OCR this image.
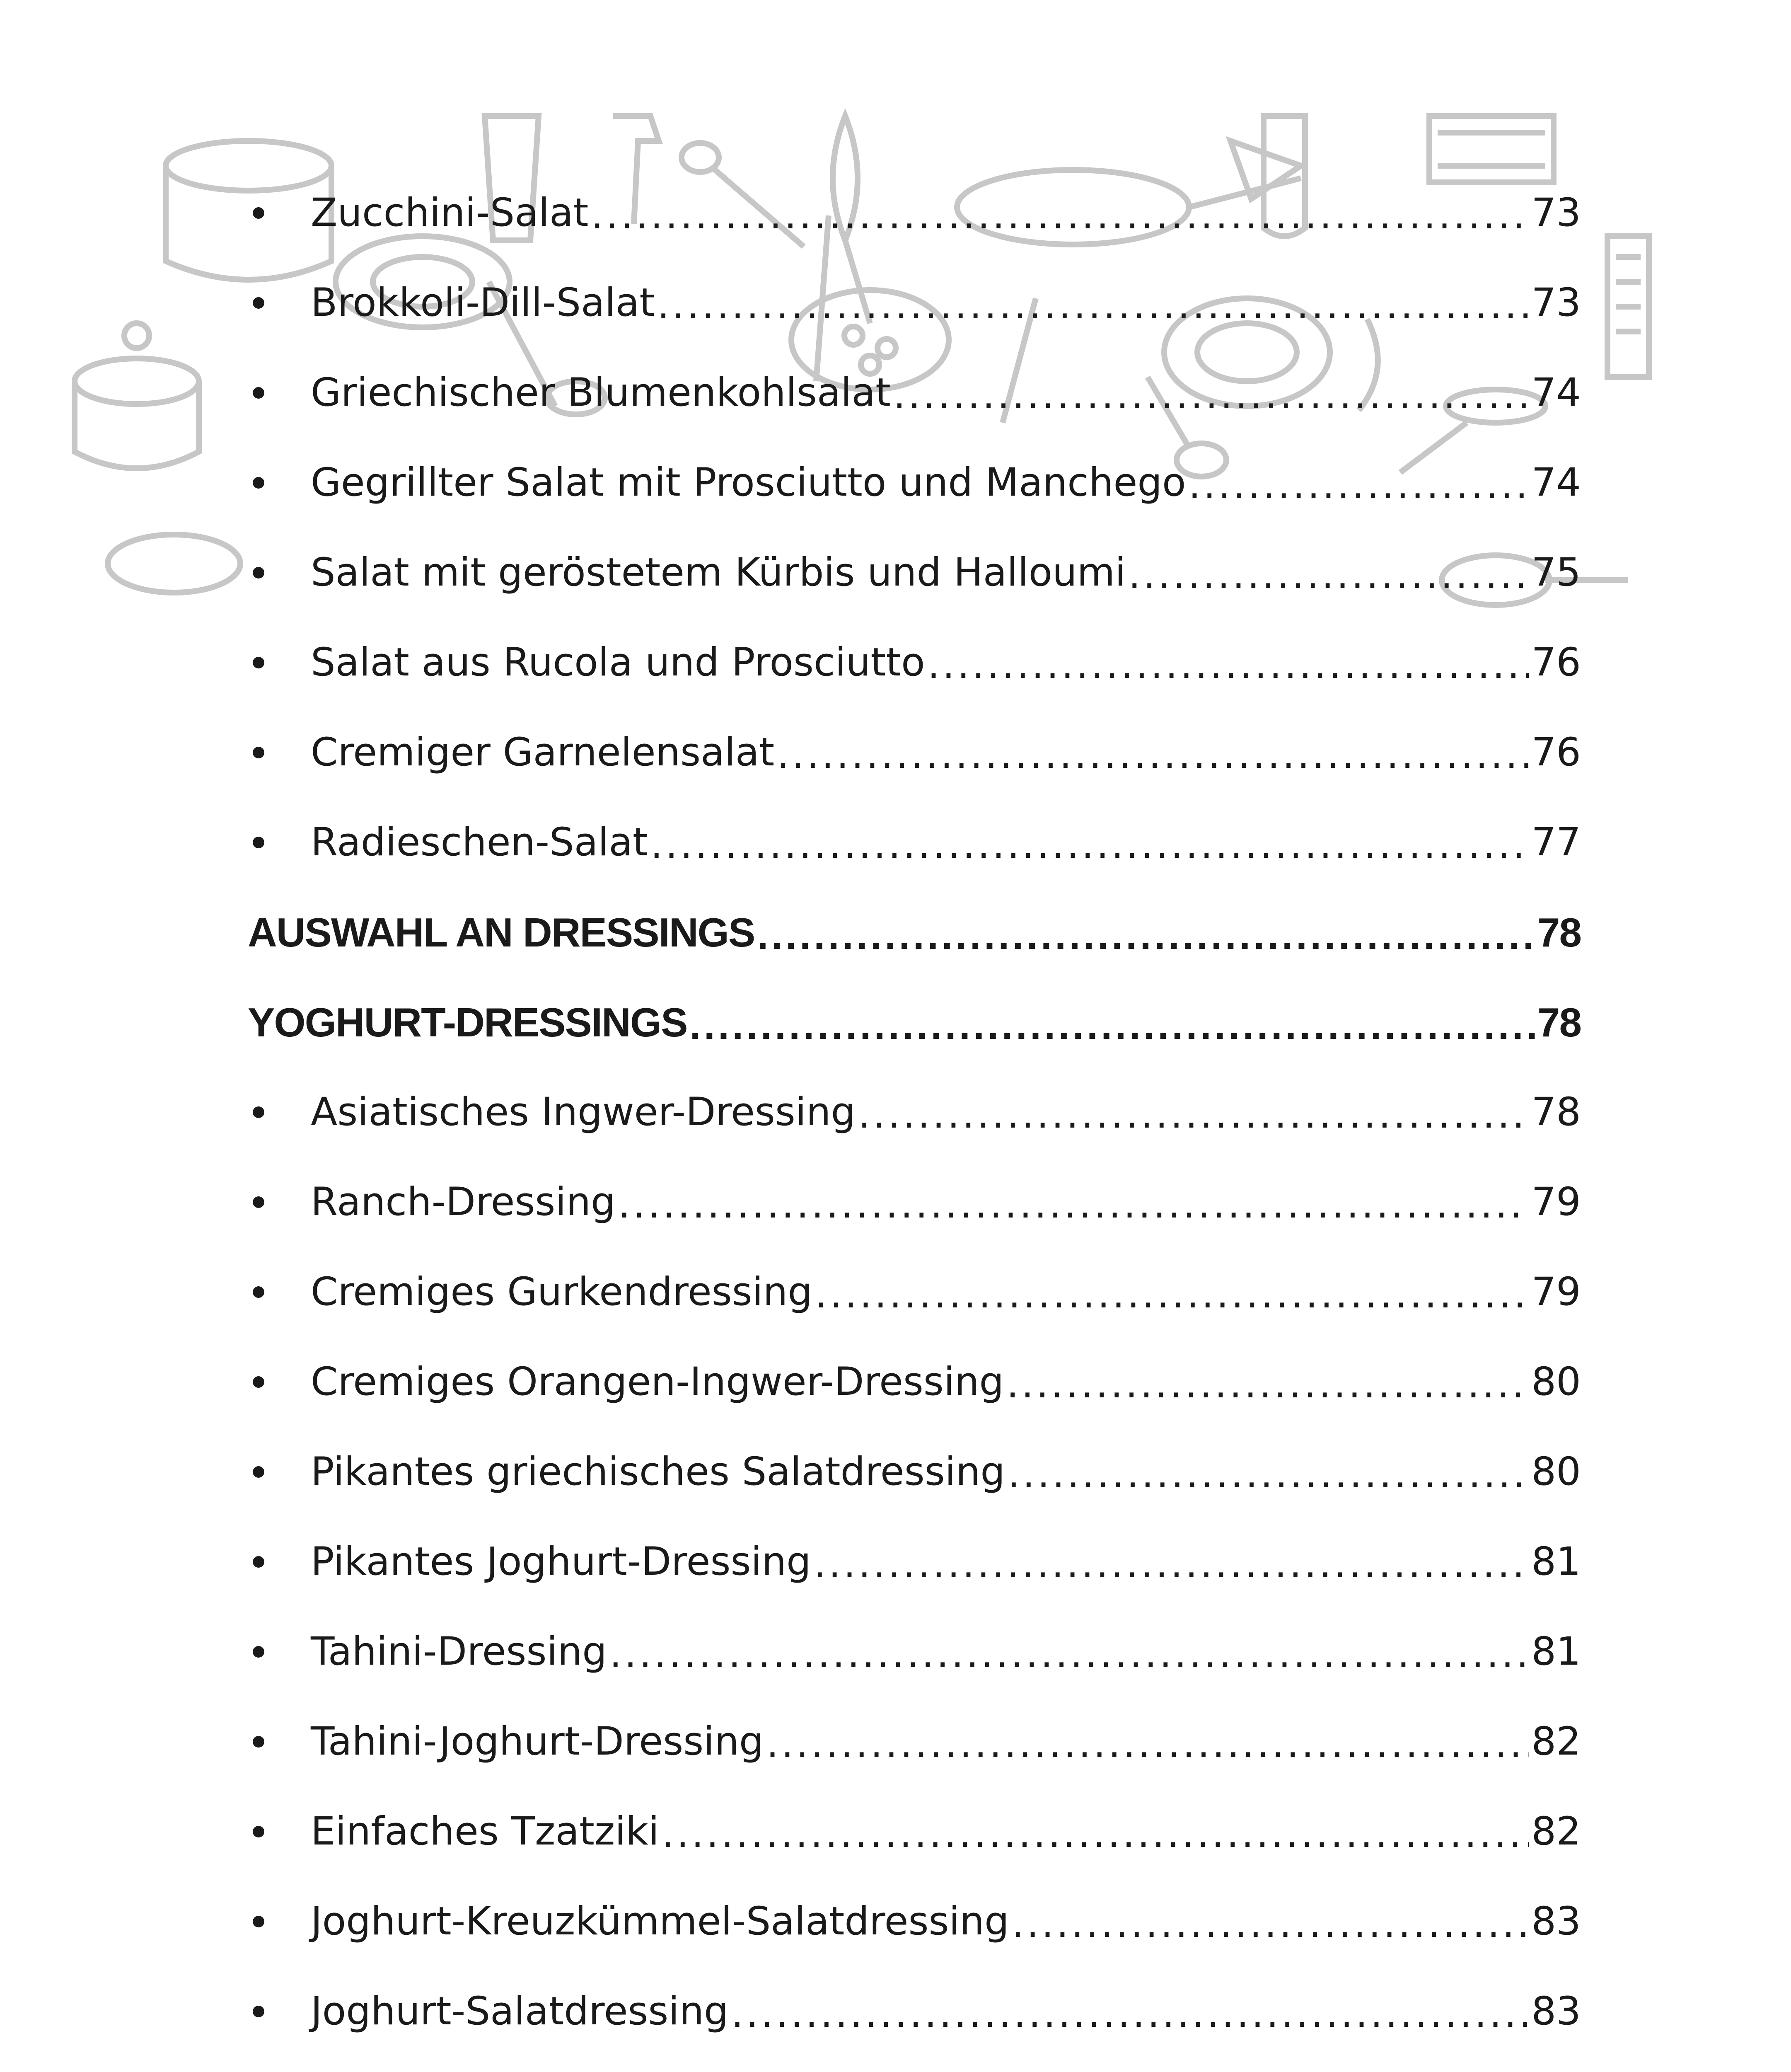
Zucchini-Salat .....	73
Brokkoli-Dill-Salat .....	73
Griechischer Blumenkohlsalat .....	74
Gegrillter Salat mit Prosciutto und Manchego .....	74
Salat mit geröstetem Kürbis und Halloumi .....	75
Salat aus Rucola und Prosciutto .....	76
Cremiger Garnelensalat .....	76
Radieschen-Salat .....	77
AUSWAHL AN DRESSINGS .....	78
YOGHURT-DRESSINGS .....	78
Asiatisches Ingwer-Dressing .....	78
Ranch-Dressing .....	79
Cremiges Gurkendressing .....	79
Cremiges Orangen-Ingwer-Dressing .....	80
Pikantes griechisches Salatdressing .....	80
Pikantes Joghurt-Dressing .....	81
Tahini-Dressing .....	81
Tahini-Joghurt-Dressing .....	82
Einfaches Tzatziki .....	82
Joghurt-Kreuzkümmel-Salatdressing .....	83
Joghurt-Salatdressing .....	83
